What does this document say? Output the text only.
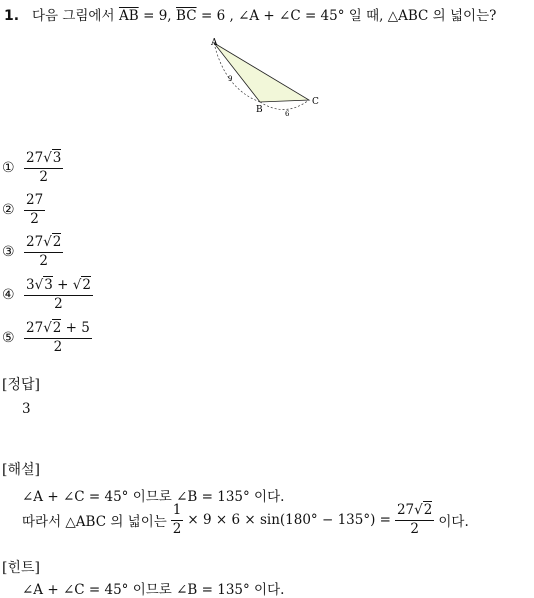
1. 다음 그림에서 $\overline{AB} = 9$, $\overline{BC} = 6$ , ∠A + ∠C = 45° 일 때, △ABC 의 넓이는?
A
B
C
9
6
① $\frac{27√3}{2}$
② $\frac{27}{2}$
③ $\frac{27√2}{2}$
④ $\frac{3√3 + √2}{2}$
⑤ $\frac{27√2 + 5}{2}$
[정답]
3
[해설]
∠A + ∠C = 45° 이므로 ∠B = 135° 이다.
따라서 △ABC 의 넓이는 $\frac{1}{2} \times 9 \times 6 \times \sin(180^\circ - 135^\circ) = \frac{27√2}{2}$ 이다.
[힌트]
∠A + ∠C = 45° 이므로 ∠B = 135° 이다.
